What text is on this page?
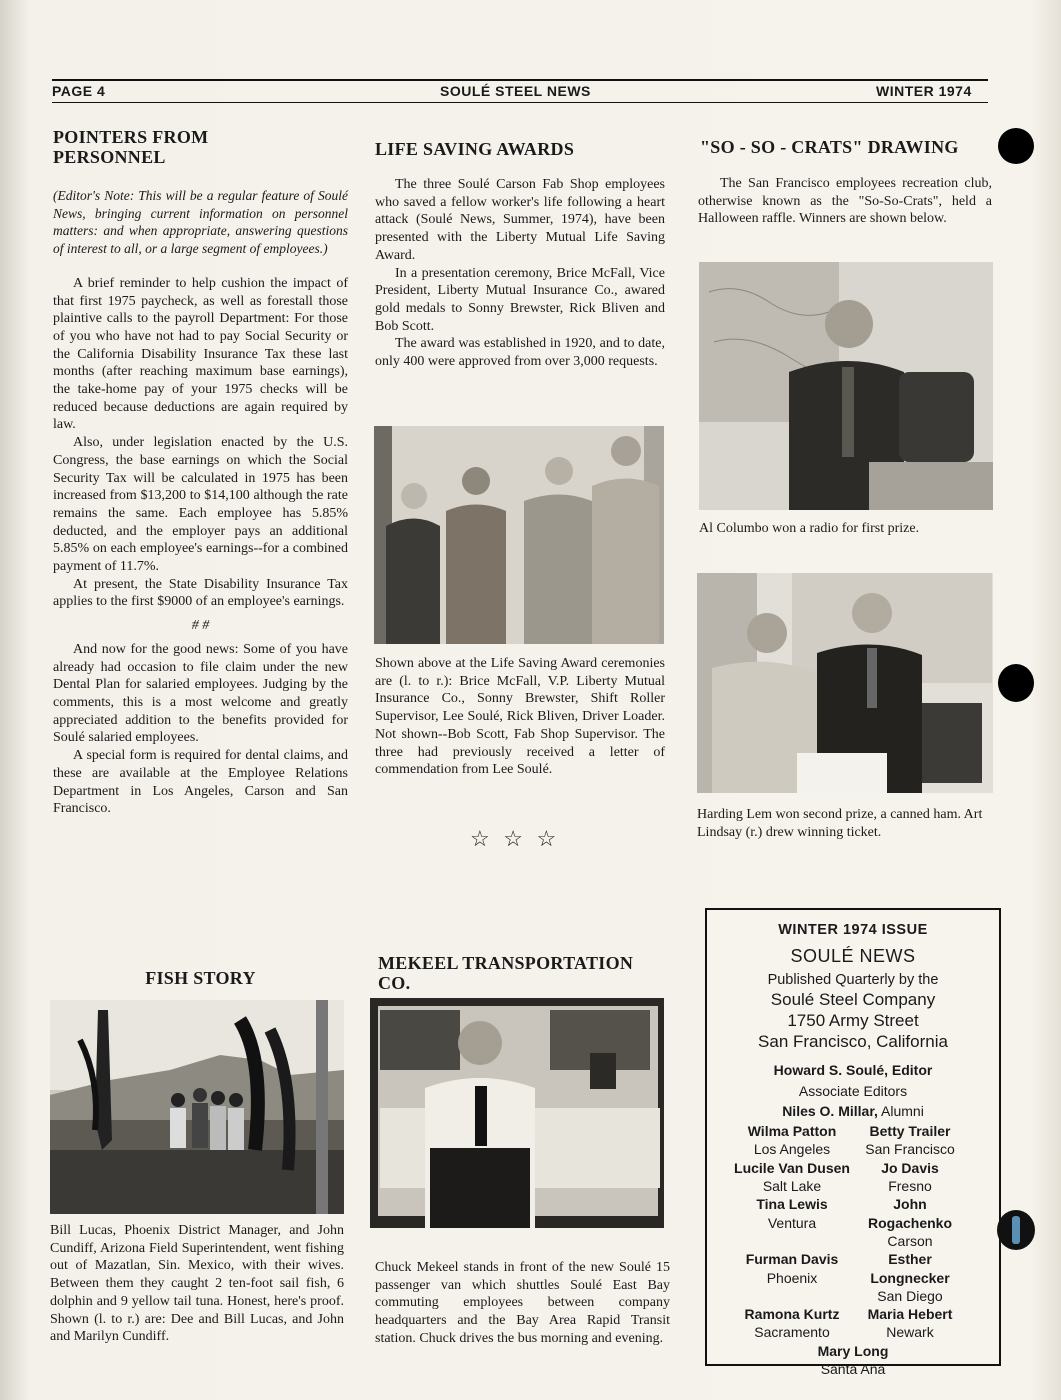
PAGE 4	SOULÉ STEEL NEWS	WINTER 1974
POINTERS FROM
PERSONNEL

(Editor's Note: This will be a regular feature of Soulé News, bringing current information on personnel matters: and when appropriate, answering questions of interest to all, or a large segment of employees.)

A brief reminder to help cushion the impact of that first 1975 paycheck, as well as forestall those plaintive calls to the payroll Department: For those of you who have not had to pay Social Security or the California Disability Insurance Tax these last months (after reaching maximum base earnings), the take-home pay of your 1975 checks will be reduced because deductions are again required by law.

Also, under legislation enacted by the U.S. Congress, the base earnings on which the Social Security Tax will be calculated in 1975 has been increased from $13,200 to $14,100 although the rate remains the same. Each employee has 5.85% deducted, and the employer pays an additional 5.85% on each employee's earnings--for a combined payment of 11.7%.

At present, the State Disability Insurance Tax applies to the first $9000 of an employee's earnings.

# #

And now for the good news: Some of you have already had occasion to file claim under the new Dental Plan for salaried employees. Judging by the comments, this is a most welcome and greatly appreciated addition to the benefits provided for Soulé salaried employees.

A special form is required for dental claims, and these are available at the Employee Relations Department in Los Angeles, Carson and San Francisco.

FISH STORY

Bill Lucas, Phoenix District Manager, and John Cundiff, Arizona Field Superintendent, went fishing out of Mazatlan, Sin. Mexico, with their wives. Between them they caught 2 ten-foot sail fish, 6 dolphin and 9 yellow tail tuna. Honest, here's proof. Shown (l. to r.) are: Dee and Bill Lucas, and John and Marilyn Cundiff.

LIFE SAVING AWARDS

The three Soulé Carson Fab Shop employees who saved a fellow worker's life following a heart attack (Soulé News, Summer, 1974), have been presented with the Liberty Mutual Life Saving Award.

In a presentation ceremony, Brice McFall, Vice President, Liberty Mutual Insurance Co., awared gold medals to Sonny Brewster, Rick Bliven and Bob Scott.

The award was established in 1920, and to date, only 400 were approved from over 3,000 requests.

Shown above at the Life Saving Award ceremonies are (l. to r.): Brice McFall, V.P. Liberty Mutual Insurance Co., Sonny Brewster, Shift Roller Supervisor, Lee Soulé, Rick Bliven, Driver Loader. Not shown--Bob Scott, Fab Shop Supervisor. The three had previously received a letter of commendation from Lee Soulé.

☆ ☆ ☆
MEKEEL TRANSPORTATION CO.

Chuck Mekeel stands in front of the new Soulé 15 passenger van which shuttles Soulé East Bay commuting employees between company headquarters and the Bay Area Rapid Transit station. Chuck drives the bus morning and evening.

"SO - SO - CRATS" DRAWING

The San Francisco employees recreation club, otherwise known as the "So-So-Crats", held a Halloween raffle. Winners are shown below.

Al Columbo won a radio for first prize.

Harding Lem won second prize, a canned ham. Art Lindsay (r.) drew winning ticket.

WINTER 1974 ISSUE
SOULÉ NEWS
Published Quarterly by the
Soulé Steel Company
1750 Army Street
San Francisco, California
Howard S. Soulé, Editor
Associate Editors
Niles O. Millar, Alumni
Wilma Patton
Los Angeles
Betty Trailer
San Francisco
Lucile Van Dusen
Salt Lake
Jo Davis
Fresno
Tina Lewis
Ventura
John Rogachenko
Carson
Furman Davis
Phoenix
Esther Longnecker
San Diego
Ramona Kurtz
Sacramento
Maria Hebert
Newark
Mary Long
Santa Ana
